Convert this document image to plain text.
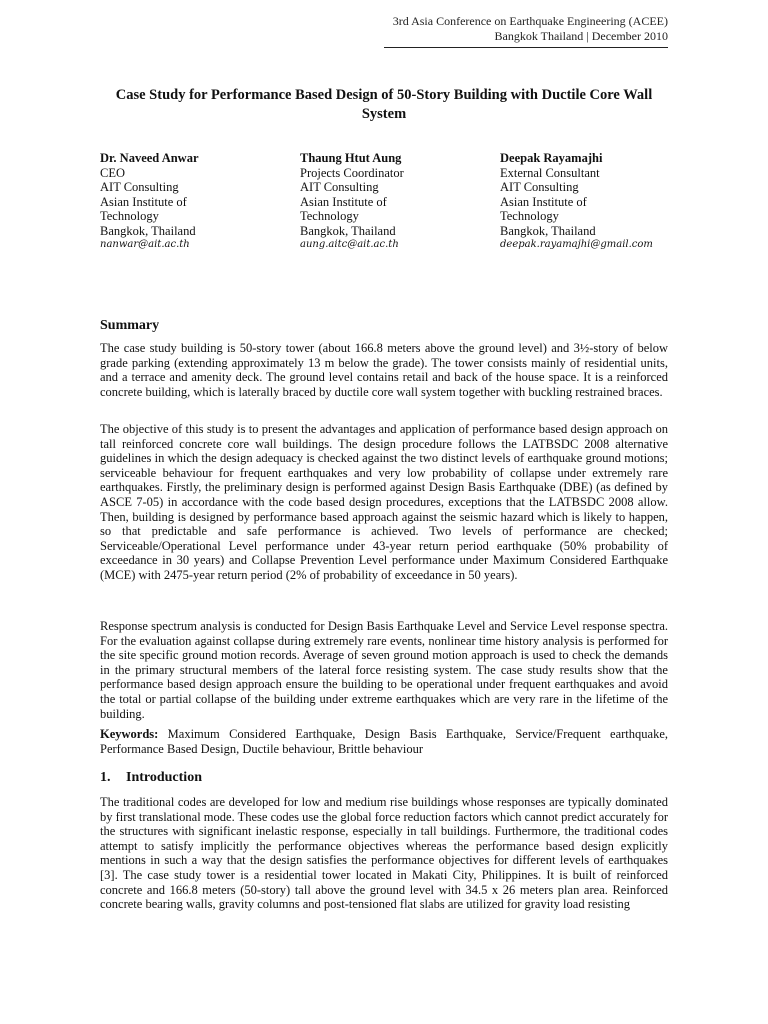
3rd Asia Conference on Earthquake Engineering (ACEE)
Bangkok Thailand | December 2010
Case Study for Performance Based Design of 50-Story Building with Ductile Core Wall System
Dr. Naveed Anwar
CEO
AIT Consulting
Asian Institute of
Technology
Bangkok, Thailand
nanwar@ait.ac.th
Thaung Htut Aung
Projects Coordinator
AIT Consulting
Asian Institute of
Technology
Bangkok, Thailand
aung.aitc@ait.ac.th
Deepak Rayamajhi
External Consultant
AIT Consulting
Asian Institute of
Technology
Bangkok, Thailand
deepak.rayamajhi@gmail.com
Summary

The case study building is 50-story tower (about 166.8 meters above the ground level) and 3½-story of below grade parking (extending approximately 13 m below the grade). The tower consists mainly of residential units, and a terrace and amenity deck. The ground level contains retail and back of the house space. It is a reinforced concrete building, which is laterally braced by ductile core wall system together with buckling restrained braces.

The objective of this study is to present the advantages and application of performance based design approach on tall reinforced concrete core wall buildings. The design procedure follows the LATBSDC 2008 alternative guidelines in which the design adequacy is checked against the two distinct levels of earthquake ground motions; serviceable behaviour for frequent earthquakes and very low probability of collapse under extremely rare earthquakes. Firstly, the preliminary design is performed against Design Basis Earthquake (DBE) (as defined by ASCE 7-05) in accordance with the code based design procedures, exceptions that the LATBSDC 2008 allow. Then, building is designed by performance based approach against the seismic hazard which is likely to happen, so that predictable and safe performance is achieved. Two levels of performance are checked; Serviceable/Operational Level performance under 43-year return period earthquake (50% probability of exceedance in 30 years) and Collapse Prevention Level performance under Maximum Considered Earthquake (MCE) with 2475-year return period (2% of probability of exceedance in 50 years).

Response spectrum analysis is conducted for Design Basis Earthquake Level and Service Level response spectra. For the evaluation against collapse during extremely rare events, nonlinear time history analysis is performed for the site specific ground motion records. Average of seven ground motion approach is used to check the demands in the primary structural members of the lateral force resisting system. The case study results show that the performance based design approach ensure the building to be operational under frequent earthquakes and avoid the total or partial collapse of the building under extreme earthquakes which are very rare in the lifetime of the building.

Keywords: Maximum Considered Earthquake, Design Basis Earthquake, Service/Frequent earthquake, Performance Based Design, Ductile behaviour, Brittle behaviour

1. Introduction

The traditional codes are developed for low and medium rise buildings whose responses are typically dominated by first translational mode. These codes use the global force reduction factors which cannot predict accurately for the structures with significant inelastic response, especially in tall buildings. Furthermore, the traditional codes attempt to satisfy implicitly the performance objectives whereas the performance based design explicitly mentions in such a way that the design satisfies the performance objectives for different levels of earthquakes [3]. The case study tower is a residential tower located in Makati City, Philippines. It is built of reinforced concrete and 166.8 meters (50-story) tall above the ground level with 34.5 x 26 meters plan area. Reinforced concrete bearing walls, gravity columns and post-tensioned flat slabs are utilized for gravity load resisting
